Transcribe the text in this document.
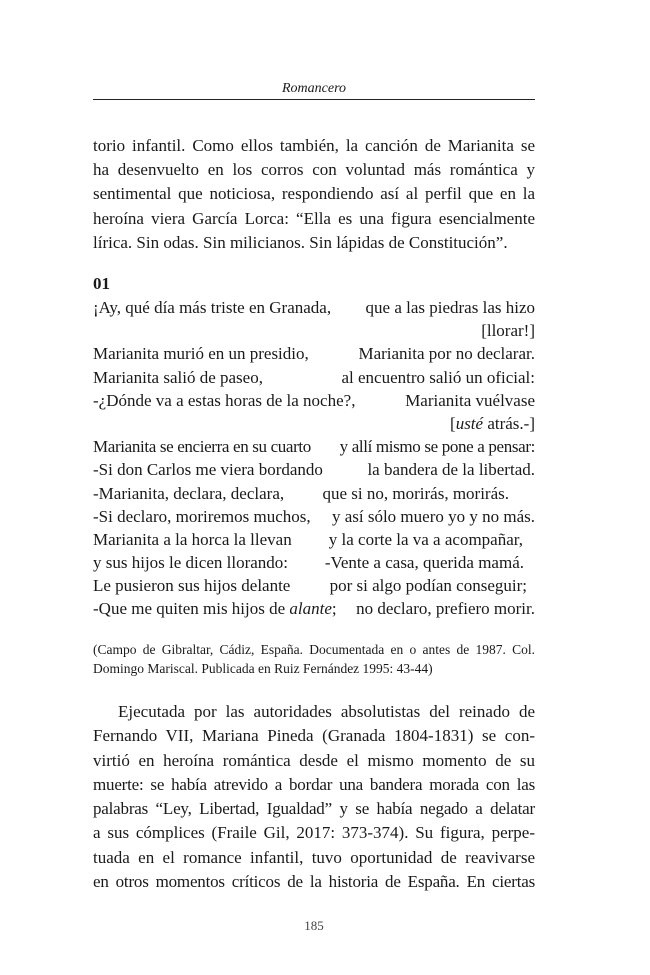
Romancero
torio infantil. Como ellos también, la canción de Marianita se
ha desenvuelto en los corros con voluntad más romántica y
sentimental que noticiosa, respondiendo así al perfil que en la
heroína viera García Lorca: “Ella es una figura esencialmente
lírica. Sin odas. Sin milicianos. Sin lápidas de Constitución”.
01
¡Ay, qué día más triste en Granada, que a las piedras las hizo
[llorar!]
Marianita murió en un presidio,	Marianita por no declarar.
Marianita salió de paseo,	al encuentro salió un oficial:
-¿Dónde va a estas horas de la noche?,	Marianita vuélvase
[usté atrás.-]
Marianita se encierra en su cuarto y allí mismo se pone a pensar:
-Si don Carlos me viera bordando	la bandera de la libertad.
-Marianita, declara, declara, que si no, morirás, morirás.
-Si declaro, moriremos muchos, y así sólo muero yo y no más.
Marianita a la horca la llevan y la corte la va a acompañar,
y sus hijos le dicen llorando: -Vente a casa, querida mamá.
Le pusieron sus hijos delante por si algo podían conseguir;
-Que me quiten mis hijos de alante; no declaro, prefiero morir.
(Campo de Gibraltar, Cádiz, España. Documentada en o antes de 1987. Col.
Domingo Mariscal. Publicada en Ruiz Fernández 1995: 43-44)
Ejecutada por las autoridades absolutistas del reinado de
Fernando VII, Mariana Pineda (Granada 1804-1831) se con-
virtió en heroína romántica desde el mismo momento de su
muerte: se había atrevido a bordar una bandera morada con las
palabras “Ley, Libertad, Igualdad” y se había negado a delatar
a sus cómplices (Fraile Gil, 2017: 373-374). Su figura, perpe-
tuada en el romance infantil, tuvo oportunidad de reavivarse
en otros momentos críticos de la historia de España. En ciertas
185
